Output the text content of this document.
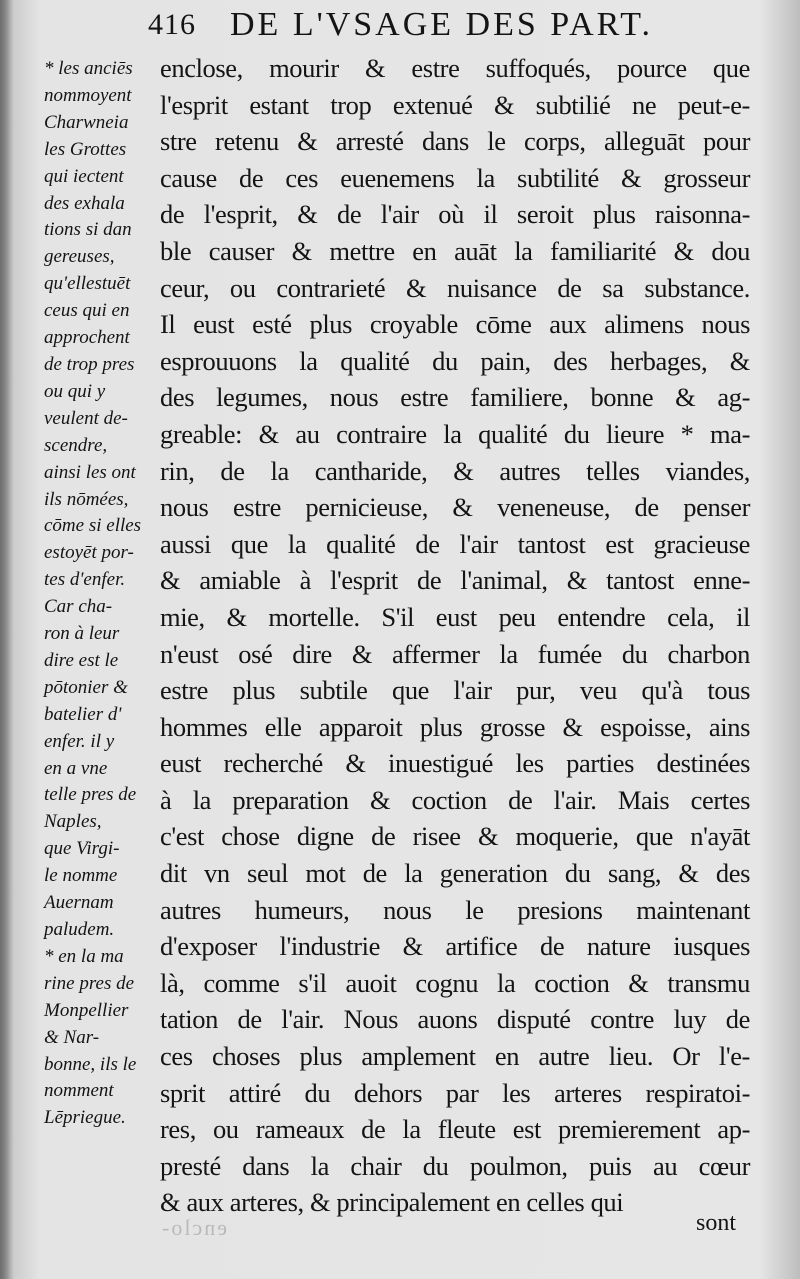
416 DE L'VSAGE DES PART.
* les anciēs
nommoyent
Charwneia
les Grottes
qui iectent
des exhala
tions si dan
gereuses,
qu'ellestuēt
ceus qui en
approchent
de trop pres
ou qui y
veulent de-
scendre,
ainsi les ont
ils nōmées,
cōme si elles
estoyēt por-
tes d'enfer.
Car cha-
ron à leur
dire est le
pōtonier &
batelier d'
enfer. il y
en a vne
telle pres de
Naples,
que Virgi-
le nomme
Auernam
paludem.
* en la ma
rine pres de
Monpellier
& Nar-
bonne, ils le
nomment
Lēpriegue.
enclose, mourir & estre suffoqués, pource que
l'esprit estant trop extenué & subtilié ne peut-e-
stre retenu & arresté dans le corps, alleguāt pour
cause de ces euenemens la subtilité & grosseur
de l'esprit, & de l'air où il seroit plus raisonna-
ble causer & mettre en auāt la familiarité & dou
ceur, ou contrarieté & nuisance de sa substance.
Il eust esté plus croyable cōme aux alimens nous
esprouuons la qualité du pain, des herbages, &
des legumes, nous estre familiere, bonne & ag-
greable: & au contraire la qualité du lieure * ma-
rin, de la cantharide, & autres telles viandes,
nous estre pernicieuse, & veneneuse, de penser
aussi que la qualité de l'air tantost est gracieuse
& amiable à l'esprit de l'animal, & tantost enne-
mie, & mortelle. S'il eust peu entendre cela, il
n'eust osé dire & affermer la fumée du charbon
estre plus subtile que l'air pur, veu qu'à tous
hommes elle apparoit plus grosse & espoisse, ains
eust recherché & inuestigué les parties destinées
à la preparation & coction de l'air. Mais certes
c'est chose digne de risee & moquerie, que n'ayāt
dit vn seul mot de la generation du sang, & des
autres humeurs, nous le presions maintenant
d'exposer l'industrie & artifice de nature iusques
là, comme s'il auoit cognu la coction & transmu
tation de l'air. Nous auons disputé contre luy de
ces choses plus amplement en autre lieu. Or l'e-
sprit attiré du dehors par les arteres respiratoi-
res, ou rameaux de la fleute est premierement ap-
presté dans la chair du poulmon, puis au cœur
& aux arteres, & principalement en celles qui
enclo-	sont
